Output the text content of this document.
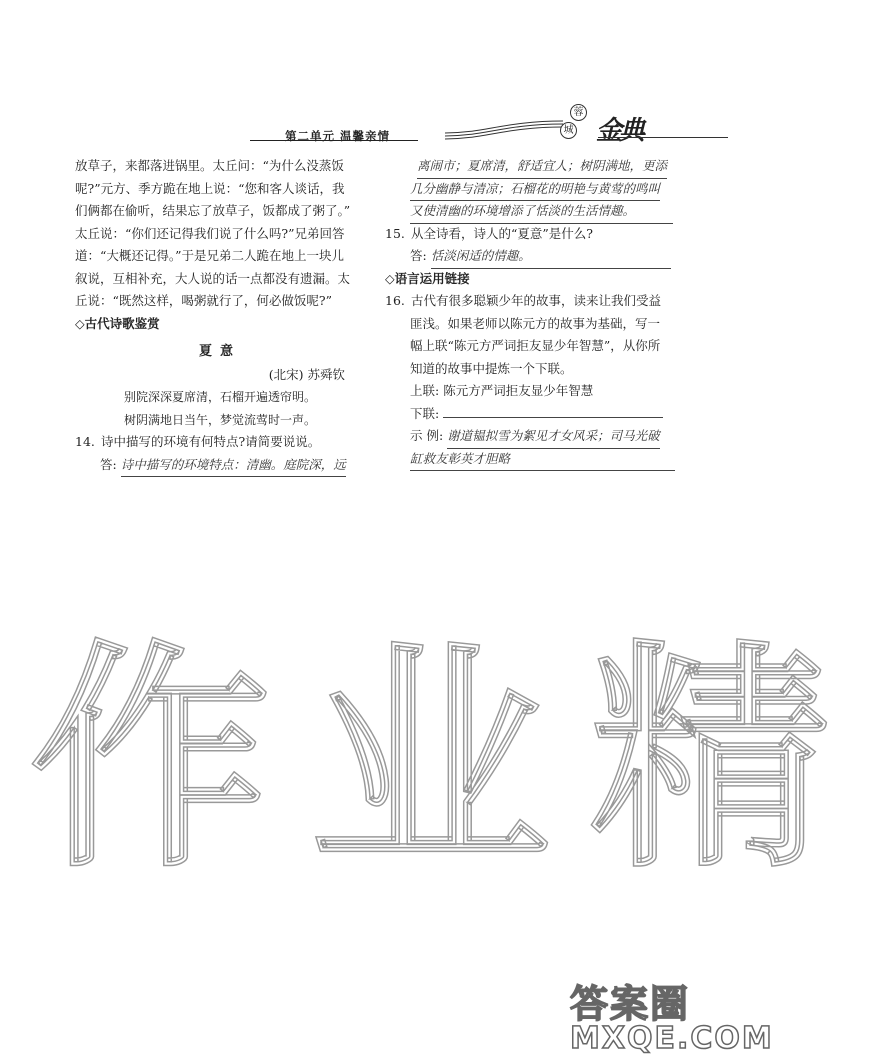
第二单元 温馨亲情
蓉
城 金典
放草子，来都落进锅里。太丘问：“为什么没蒸饭
呢?”元方、季方跪在地上说：“您和客人谈话，我
们俩都在偷听，结果忘了放草子，饭都成了粥了。”
太丘说：“你们还记得我们说了什么吗?”兄弟回答
道：“大概还记得。”于是兄弟二人跪在地上一块儿
叙说，互相补充，大人说的话一点都没有遗漏。太
丘说：“既然这样，喝粥就行了，何必做饭呢?”
◇古代诗歌鉴赏
夏意
(北宋) 苏舜钦
别院深深夏席清，石榴开遍透帘明。
树阴满地日当午，梦觉流莺时一声。
14. 诗中描写的环境有何特点?请简要说说。
答: 诗中描写的环境特点：清幽。庭院深，远
离闹市；夏席清，舒适宜人；树阴满地，更添
几分幽静与清凉；石榴花的明艳与黄莺的鸣叫
又使清幽的环境增添了恬淡的生活情趣。
15. 从全诗看，诗人的“夏意”是什么?
答: 恬淡闲适的情趣。
◇语言运用链接
16. 古代有很多聪颖少年的故事，读来让我们受益
匪浅。如果老师以陈元方的故事为基础，写一
幅上联“陈元方严词拒友显少年智慧”，从你所
知道的故事中提炼一个下联。
上联: 陈元方严词拒友显少年智慧
下联:
示 例: 谢道韫拟雪为絮见才女风采；司马光破
缸救友彰英才胆略
作业精
答案圈
MXQE.COM
